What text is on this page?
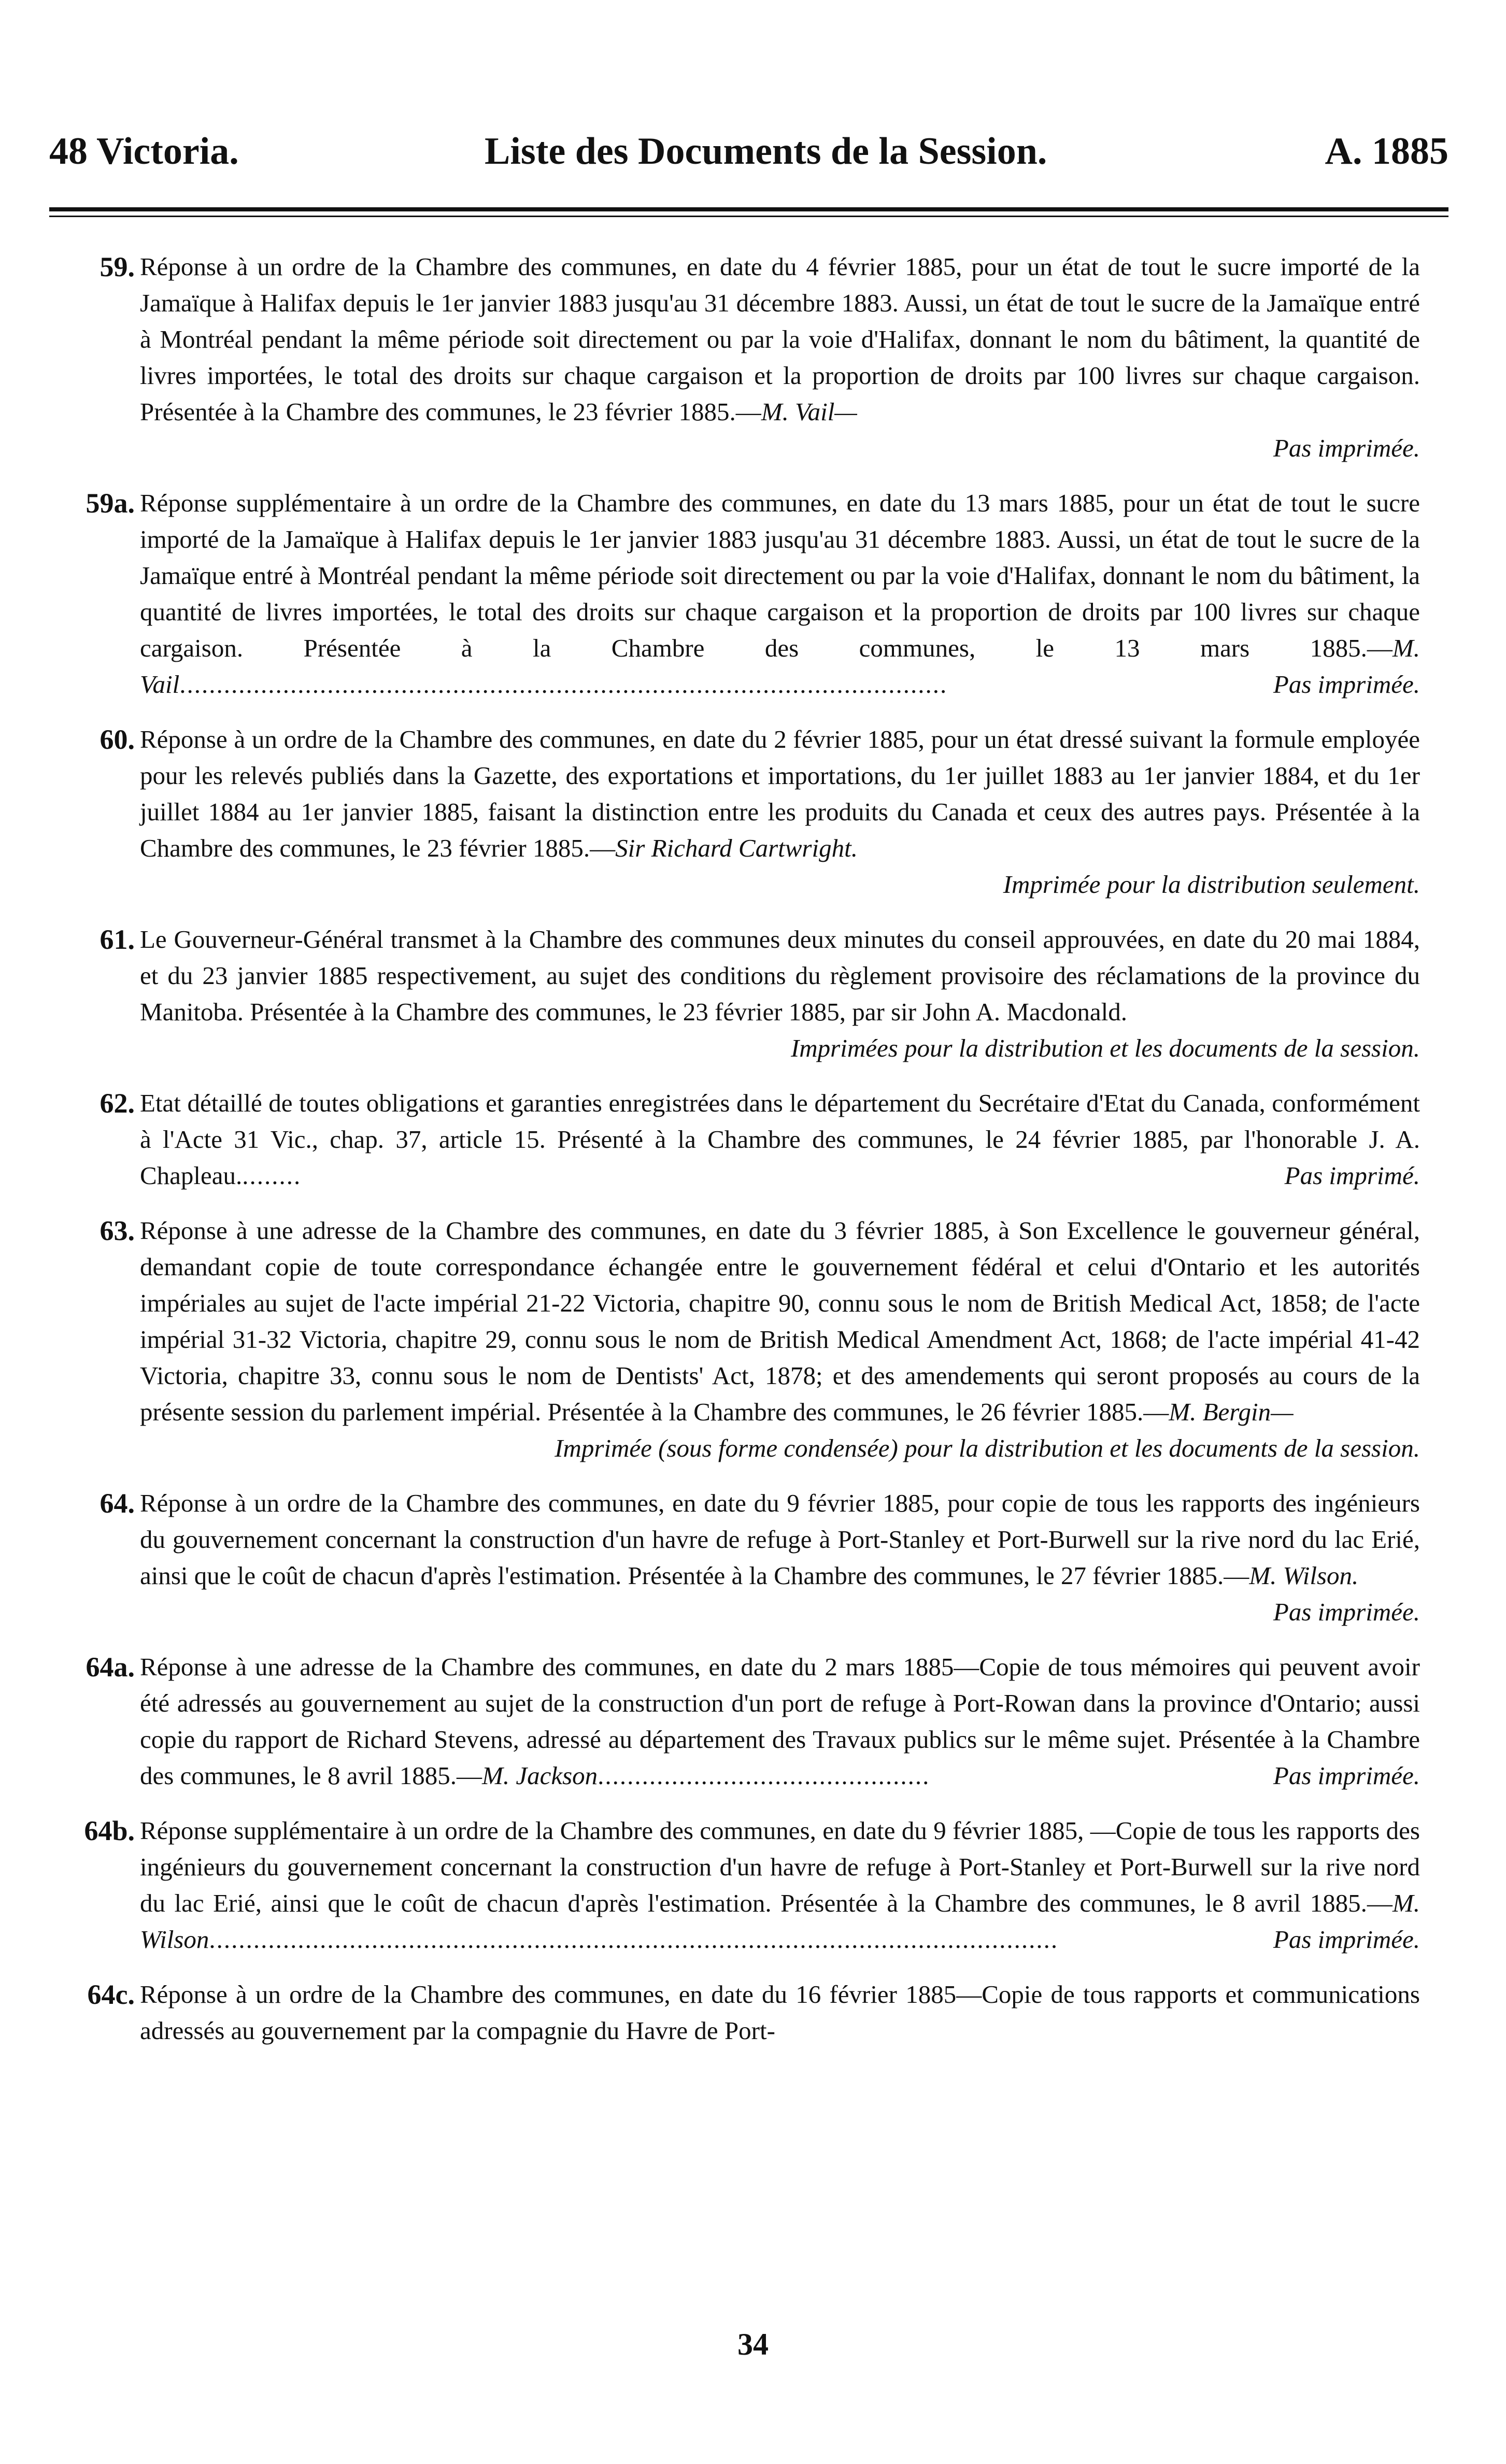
48 Victoria.	Liste des Documents de la Session.	A. 1885
59. Réponse à un ordre de la Chambre des communes, en date du 4 février 1885, pour un état de tout le sucre importé de la Jamaïque à Halifax depuis le 1er janvier 1883 jusqu'au 31 décembre 1883. Aussi, un état de tout le sucre de la Jamaïque entré à Montréal pendant la même période soit directement ou par la voie d'Halifax, donnant le nom du bâtiment, la quantité de livres importées, le total des droits sur chaque cargaison et la proportion de droits par 100 livres sur chaque cargaison. Présentée à la Chambre des communes, le 23 février 1885.—M. Vail—
Pas imprimée.
59a. Réponse supplémentaire à un ordre de la Chambre des communes, en date du 13 mars 1885, pour un état de tout le sucre importé de la Jamaïque à Halifax depuis le 1er janvier 1883 jusqu'au 31 décembre 1883. Aussi, un état de tout le sucre de la Jamaïque entré à Montréal pendant la même période soit directement ou par la voie d'Halifax, donnant le nom du bâtiment, la quantité de livres importées, le total des droits sur chaque cargaison et la proportion de droits par 100 livres sur chaque cargaison. Présentée à la Chambre des communes, le 13 mars 1885.—M. Vail........................................................................................................	Pas imprimée.
60. Réponse à un ordre de la Chambre des communes, en date du 2 février 1885, pour un état dressé suivant la formule employée pour les relevés publiés dans la Gazette, des exportations et importations, du 1er juillet 1883 au 1er janvier 1884, et du 1er juillet 1884 au 1er janvier 1885, faisant la distinction entre les produits du Canada et ceux des autres pays. Présentée à la Chambre des communes, le 23 février 1885.—Sir Richard Cartwright.
Imprimée pour la distribution seulement.
61. Le Gouverneur-Général transmet à la Chambre des communes deux minutes du conseil approuvées, en date du 20 mai 1884, et du 23 janvier 1885 respectivement, au sujet des conditions du règlement provisoire des réclamations de la province du Manitoba. Présentée à la Chambre des communes, le 23 février 1885, par sir John A. Macdonald.
Imprimées pour la distribution et les documents de la session.
62. Etat détaillé de toutes obligations et garanties enregistrées dans le département du Secrétaire d'Etat du Canada, conformément à l'Acte 31 Vic., chap. 37, article 15. Présenté à la Chambre des communes, le 24 février 1885, par l'honorable J. A. Chapleau.........	Pas imprimé.
63. Réponse à une adresse de la Chambre des communes, en date du 3 février 1885, à Son Excellence le gouverneur général, demandant copie de toute correspondance échangée entre le gouvernement fédéral et celui d'Ontario et les autorités impériales au sujet de l'acte impérial 21-22 Victoria, chapitre 90, connu sous le nom de British Medical Act, 1858; de l'acte impérial 31-32 Victoria, chapitre 29, connu sous le nom de British Medical Amendment Act, 1868; de l'acte impérial 41-42 Victoria, chapitre 33, connu sous le nom de Dentists' Act, 1878; et des amendements qui seront proposés au cours de la présente session du parlement impérial. Présentée à la Chambre des communes, le 26 février 1885.—M. Bergin—
Imprimée (sous forme condensée) pour la distribution et les documents de la session.
64. Réponse à un ordre de la Chambre des communes, en date du 9 février 1885, pour copie de tous les rapports des ingénieurs du gouvernement concernant la construction d'un havre de refuge à Port-Stanley et Port-Burwell sur la rive nord du lac Erié, ainsi que le coût de chacun d'après l'estimation. Présentée à la Chambre des communes, le 27 février 1885.—M. Wilson.
Pas imprimée.
64a. Réponse à une adresse de la Chambre des communes, en date du 2 mars 1885—Copie de tous mémoires qui peuvent avoir été adressés au gouvernement au sujet de la construction d'un port de refuge à Port-Rowan dans la province d'Ontario; aussi copie du rapport de Richard Stevens, adressé au département des Travaux publics sur le même sujet. Présentée à la Chambre des communes, le 8 avril 1885.—M. Jackson.............................................	Pas imprimée.
64b. Réponse supplémentaire à un ordre de la Chambre des communes, en date du 9 février 1885, —Copie de tous les rapports des ingénieurs du gouvernement concernant la construction d'un havre de refuge à Port-Stanley et Port-Burwell sur la rive nord du lac Erié, ainsi que le coût de chacun d'après l'estimation. Présentée à la Chambre des communes, le 8 avril 1885.—M. Wilson...................................................................................................................	Pas imprimée.
64c. Réponse à un ordre de la Chambre des communes, en date du 16 février 1885—Copie de tous rapports et communications adressés au gouvernement par la compagnie du Havre de Port-
34
